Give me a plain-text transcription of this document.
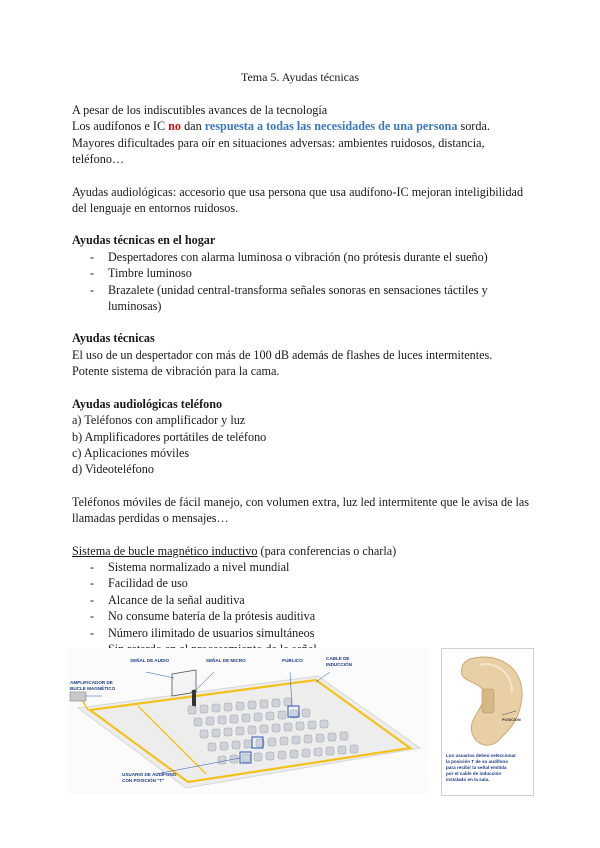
Tema 5. Ayudas técnicas

A pesar de los indiscutibles avances de la tecnología

Los audífonos e IC no dan respuesta a todas las necesidades de una persona sorda.

Mayores dificultades para oír en situaciones adversas: ambientes ruidosos, distancia, teléfono…

Ayudas audiológicas: accesorio que usa persona que usa audífono-IC mejoran inteligibilidad del lenguaje en entornos ruidosos.

Ayudas técnicas en el hogar

- Despertadores con alarma luminosa o vibración (no prótesis durante el sueño)
- Timbre luminoso
- Brazalete (unidad central-transforma señales sonoras en sensaciones táctiles y luminosas)

Ayudas técnicas

El uso de un despertador con más de 100 dB además de flashes de luces intermitentes.

Potente sistema de vibración para la cama.

Ayudas audiológicas teléfono

a) Teléfonos con amplificador y luz

b) Amplificadores portátiles de teléfono

c) Aplicaciones móviles

d) Videoteléfono

Teléfonos móviles de fácil manejo, con volumen extra, luz led intermitente que le avisa de las llamadas perdidas o mensajes…

Sistema de bucle magnético inductivo (para conferencias o charla)

- Sistema normalizado a nivel mundial
- Facilidad de uso
- Alcance de la señal auditiva
- No consume batería de la prótesis auditiva
- Número ilimitado de usuarios simultáneos
-
SEÑAL DE AUDIO	SEÑAL DE MICRO	PÚBLICO	CABLE DE
INDUCCIÓN
AMPLIFICADOR DE
BUCLE MAGNÉTICO
USUARIO DE AUDÍFONO
CON POSICIÓN "T"
POSICIÓN
Los usuarios deben seleccionar
la posición T de su audífono
para recibir la señal emitida
por el cable de inducción
instalado en la sala.
